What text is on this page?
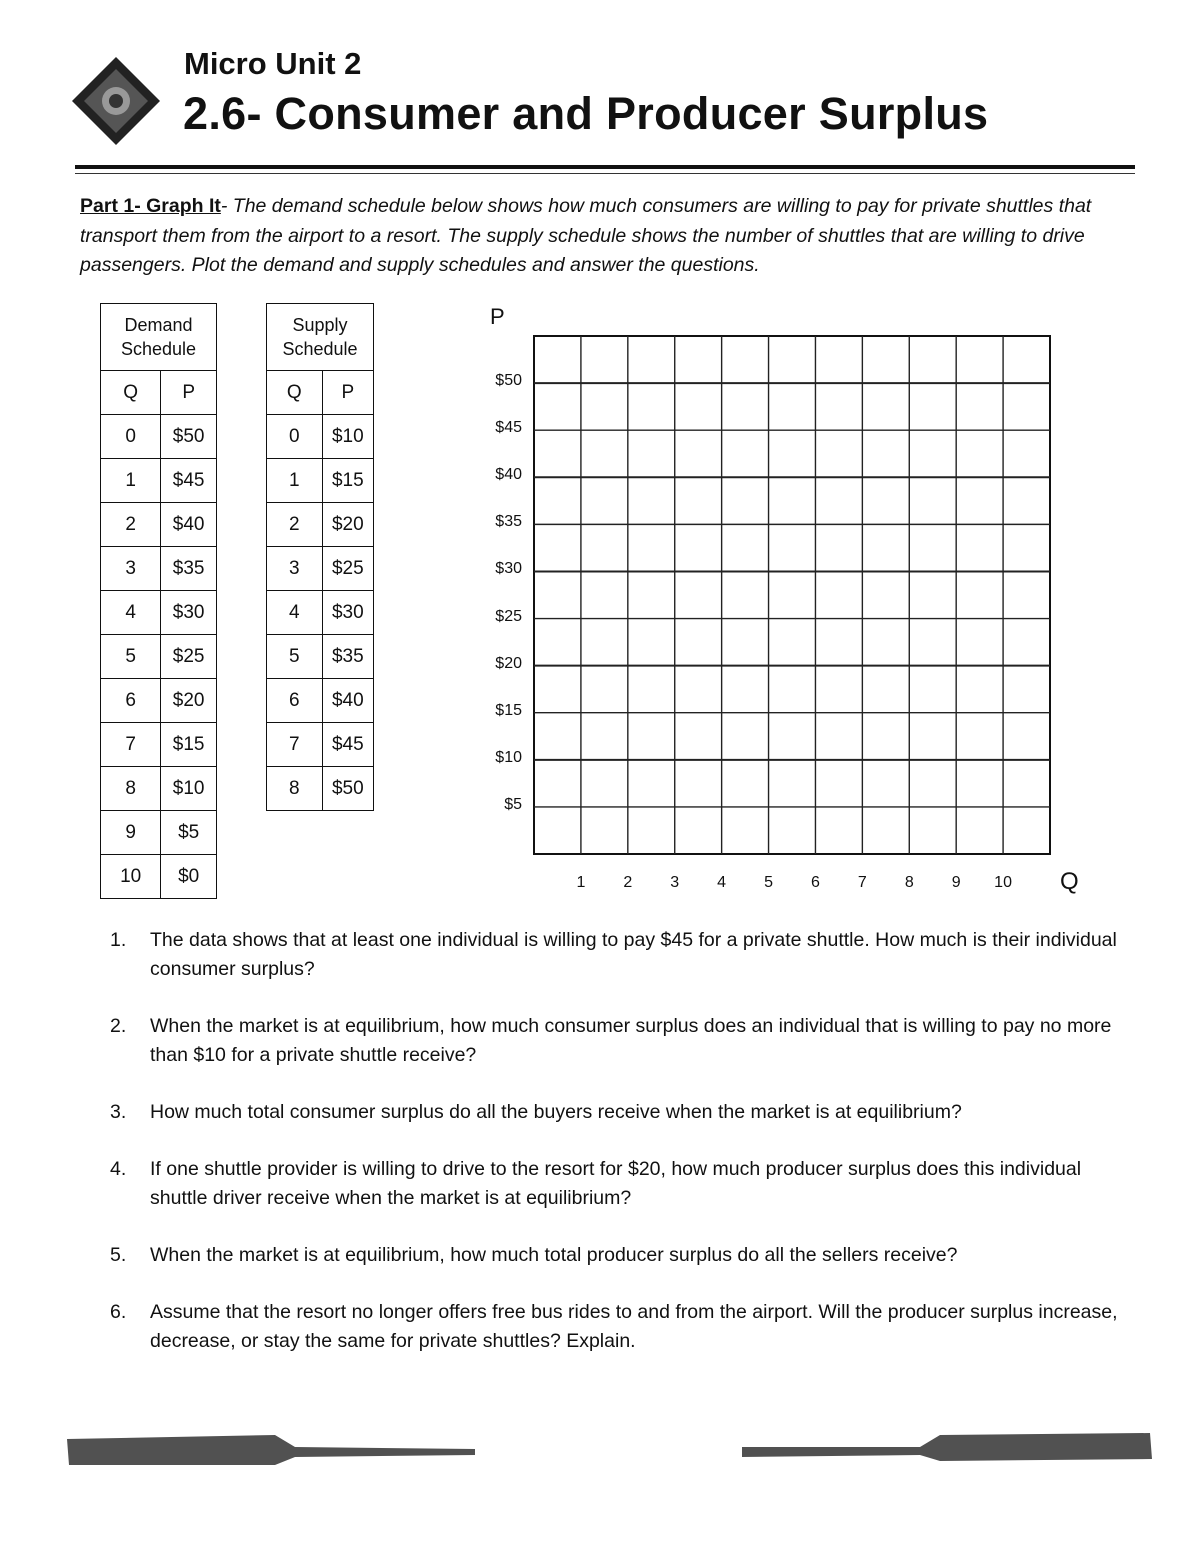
Micro Unit 2
2.6- Consumer and Producer Surplus
Part 1- Graph It- The demand schedule below shows how much consumers are willing to pay for private shuttles that transport them from the airport to a resort. The supply schedule shows the number of shuttles that are willing to drive passengers. Plot the demand and supply schedules and answer the questions.
Demand Schedule	
Q	P
0	$50
1	$45
2	$40
3	$35
4	$30
5	$25
6	$20
7	$15
8	$10
9	$5
10	$0
Supply Schedule	
Q	P
0	$10
1	$15
2	$20
3	$25
4	$30
5	$35
6	$40
7	$45
8	$50
P
$50
$45
$40
$35
$30
$25
$20
$15
$10
$5
1	2	3	4	5	6	7	8	9	10 Q
1. The data shows that at least one individual is willing to pay $45 for a private shuttle. How much is their individual consumer surplus?
2. When the market is at equilibrium, how much consumer surplus does an individual that is willing to pay no more than $10 for a private shuttle receive?
3. How much total consumer surplus do all the buyers receive when the market is at equilibrium?
4. If one shuttle provider is willing to drive to the resort for $20, how much producer surplus does this individual shuttle driver receive when the market is at equilibrium?
5. When the market is at equilibrium, how much total producer surplus do all the sellers receive?
6. Assume that the resort no longer offers free bus rides to and from the airport. Will the producer surplus increase, decrease, or stay the same for private shuttles? Explain.
